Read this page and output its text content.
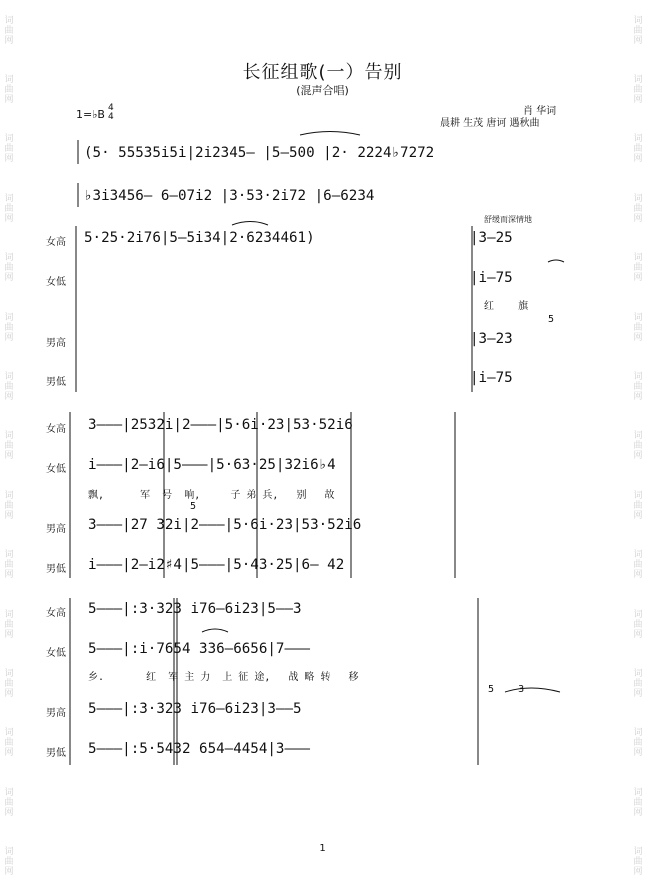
词曲网
词曲网
词曲网
词曲网
词曲网
词曲网
词曲网
词曲网
词曲网
词曲网
词曲网
词曲网
词曲网
词曲网
词曲网
词曲网
词曲网
词曲网
词曲网
词曲网
词曲网
词曲网
词曲网
词曲网
词曲网
词曲网
词曲网
词曲网
词曲网
词曲网
长征组歌(一）告别
(混声合唱)
1=♭B 4
4	肖 华词
晨耕 生茂 唐诃 遇秋曲
舒缓而深情地
(5· 55535i5i|2i2345– |5–500 |2· 2224♭7272
♭3i3456– 6–07i2 |3·53·2i72 |6–6234
女高
女低
男高
男低
5·25·2i76|5–5i34|2·6234461)	|3–25
|i–75
红    旗
5
|3–23
|i–75
女高
女低
男高
男低
3–––|2532i|2–––|5·6i·23|53·52i6
i–––|2–i6|5–––|5·63·25|32i6♭4
飘,      军  号  响,     子 弟 兵,   别   故
5
3–––|27 32i|2–––|5·6i·23|53·52i6
i–––|2–i2♯4|5–––|5·43·25|6– 42
女高
女低
男高
男低
5–––|:3·323 i76–6i23|5––3
5–––|:i·7654 336–6656|7–––
乡.       红  军 主 力  上 征 途,   战 略 转   移
5    3
5–––|:3·323 i76–6i23|3––5
5–––|:5·5432 654–4454|3–––
1
